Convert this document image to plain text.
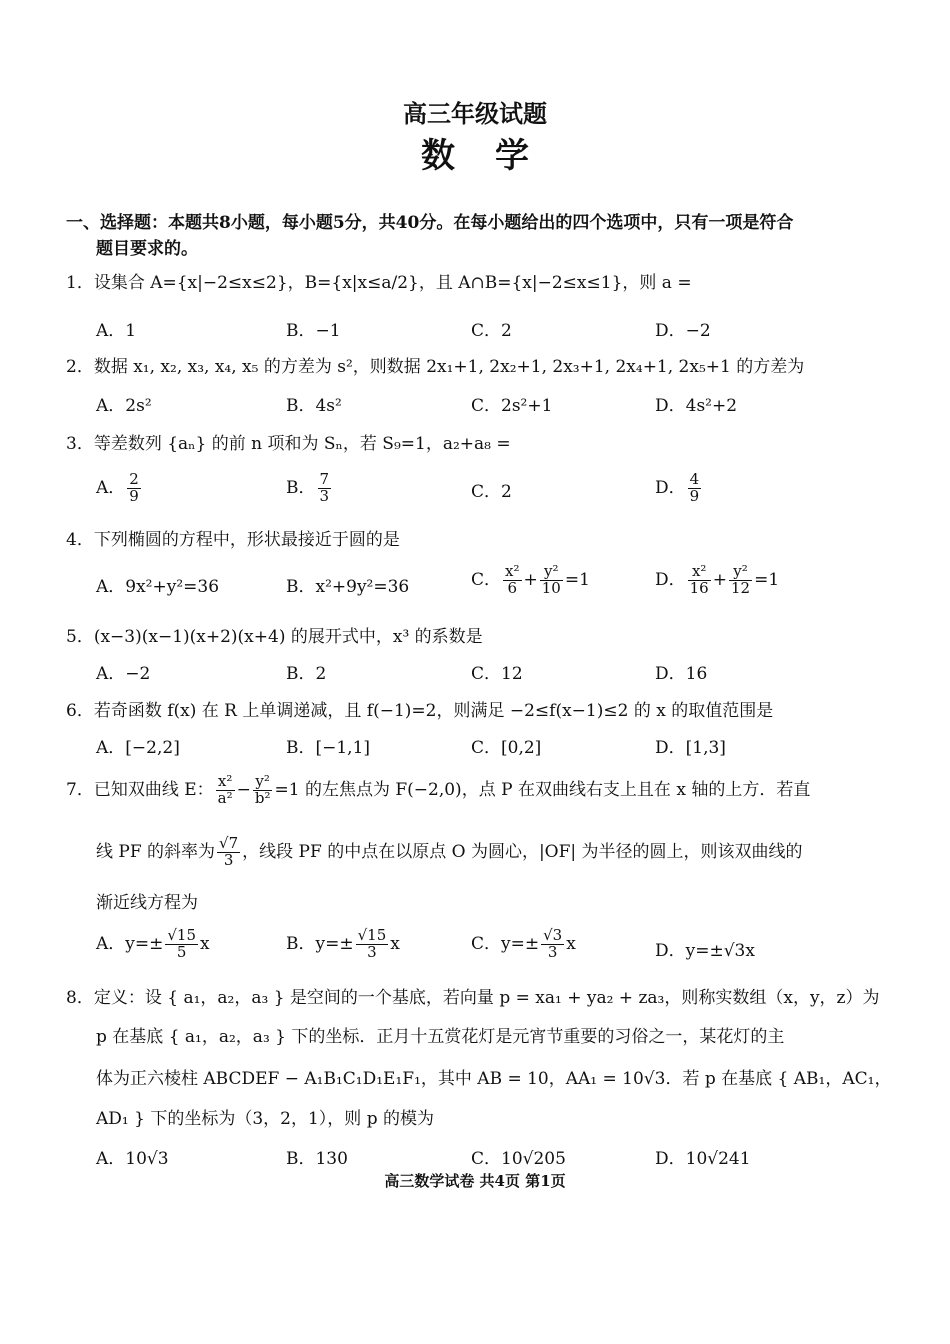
高三年级试题
数学
一、选择题：本题共8小题，每小题5分，共40分。在每小题给出的四个选项中，只有一项是符合
题目要求的。
1．设集合 A={x|−2≤x≤2}，B={x|x≤a/2}，且 A∩B={x|−2≤x≤1}，则 a =
A．1	B．−1	C．2	D．−2
2．数据 x₁, x₂, x₃, x₄, x₅ 的方差为 s²，则数据 2x₁+1, 2x₂+1, 2x₃+1, 2x₄+1, 2x₅+1 的方差为
A．2s²	B．4s²	C．2s²+1	D．4s²+2
3．等差数列 {aₙ} 的前 n 项和为 Sₙ，若 S₉=1，a₂+a₈ =
A． $\frac{2}{9}$	B． $\frac{7}{3}$	C．2	D． $\frac{4}{9}$
4．下列椭圆的方程中，形状最接近于圆的是
A．9x²+y²=36	B．x²+9y²=36	C． $\frac{\text{x²}}{6} + \frac{\text{y²}}{10} =1$	D． $\frac{\text{x²}}{16} + \frac{\text{y²}}{12} =1$
5．(x−3)(x−1)(x+2)(x+4) 的展开式中，x³ 的系数是
A．−2	B．2	C．12	D．16
6．若奇函数 f(x) 在 R 上单调递减，且 f(−1)=2，则满足 −2≤f(x−1)≤2 的 x 的取值范围是
A．[−2,2]	B．[−1,1]	C．[0,2]	D．[1,3]
7．已知双曲线 E： $\frac{\text{x²}}{\text{a²}} - \frac{\text{y²}}{\text{b²}} =1$ 的左焦点为 F(−2,0)，点 P 在双曲线右支上且在 x 轴的上方．若直
线 PF 的斜率为 $\frac{√7}{3}$ ，线段 PF 的中点在以原点 O 为圆心，|OF| 为半径的圆上，则该双曲线的
渐近线方程为
A．$y=\pm \frac{√15}{5}$ x	B．$y=\pm \frac{√15}{3}$ x	C．$y=\pm \frac{√3}{3}$ x	D．y=±√3x
8．定义：设 { a₁，a₂，a₃ } 是空间的一个基底，若向量 p = xa₁ + ya₂ + za₃，则称实数组（x，y，z）为
p 在基底 { a₁，a₂，a₃ } 下的坐标．正月十五赏花灯是元宵节重要的习俗之一，某花灯的主
体为正六棱柱 ABCDEF − A₁B₁C₁D₁E₁F₁，其中 AB = 10，AA₁ = 10√3．若 p 在基底 { AB₁，AC₁，
AD₁ } 下的坐标为（3，2，1），则 p 的模为
A．10√3	B．130	C．10√205	D．10√241
高三数学试卷 共4页 第1页
